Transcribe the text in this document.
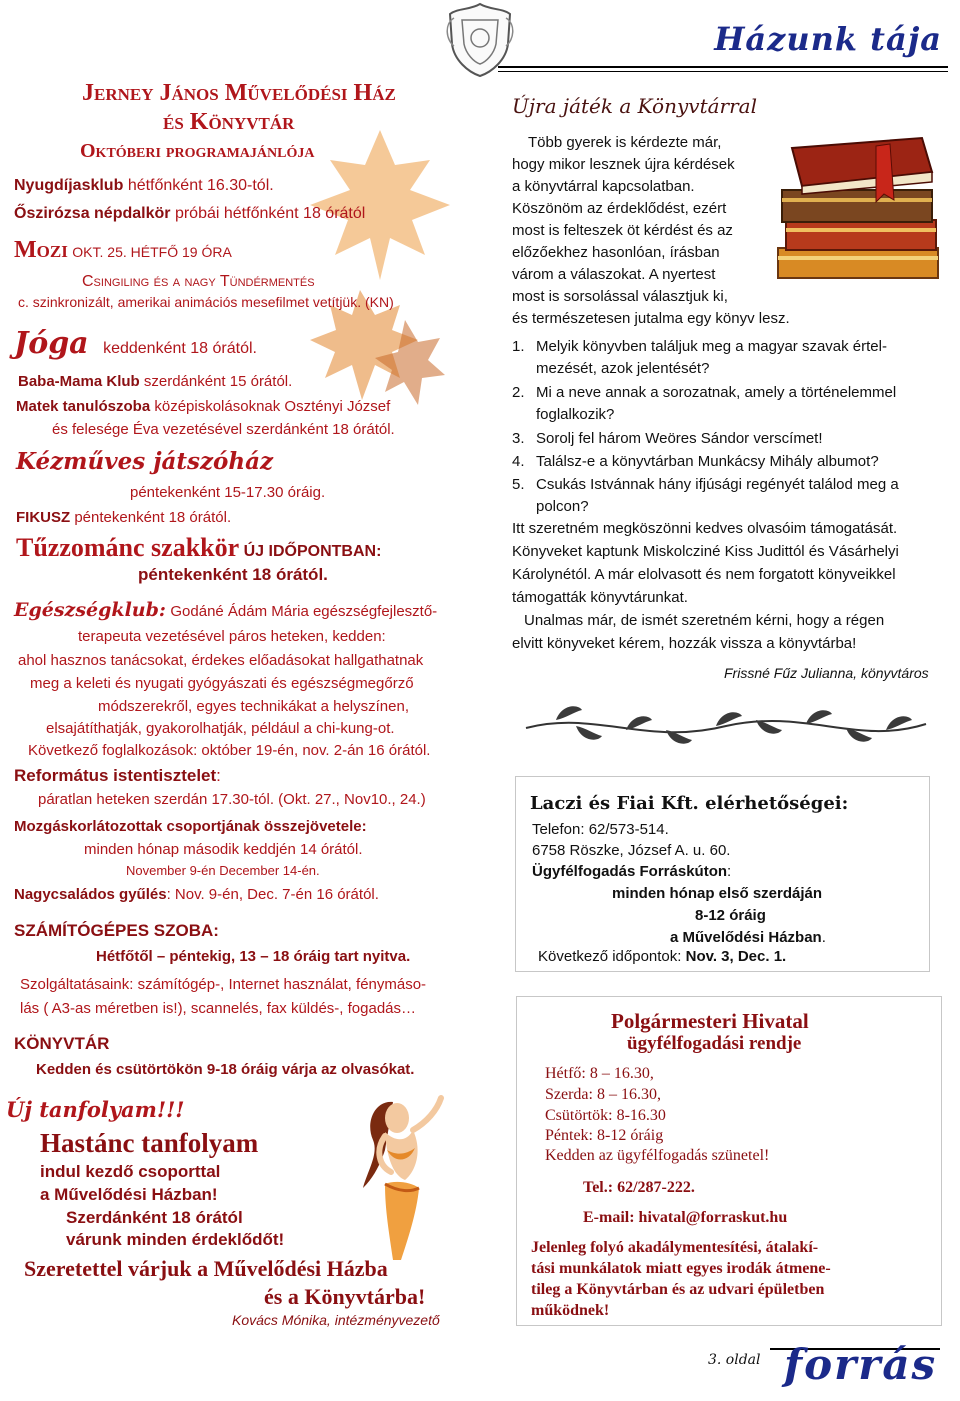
Házunk tája
Jerney János Művelődési Ház
és Könyvtár
Októberi programajánlója
Nyugdíjasklub hétfőnként 16.30-tól.
Őszirózsa népdalkör próbái hétfőnként 18 órától
Mozi OKT. 25. HÉTFŐ 19 ÓRA
Csingiling és a nagy Tündérmentés
c. szinkronizált, amerikai animációs mesefilmet vetítjük. (KN)
Jóga keddenként 18 órától.
Baba-Mama Klub szerdánként 15 órától.
Matek tanulószoba középiskolásoknak Osztényi József
és felesége Éva vezetésével szerdánként 18 órától.
Kézműves játszóház
péntekenként 15-17.30 óráig.
FIKUSZ péntekenként 18 órától.
Tűzzománc szakkör ÚJ IDŐPONTBAN:
péntekenként 18 órától.
Egészségklub: Godáné Ádám Mária egészségfejlesztő-
terapeuta vezetésével páros heteken, kedden:
ahol hasznos tanácsokat, érdekes előadásokat hallgathatnak
meg a keleti és nyugati gyógyászati és egészségmegőrző
módszerekről, egyes technikákat a helyszínen,
elsajátíthatják, gyakorolhatják, például a chi-kung-ot.
Következő foglalkozások: október 19-én, nov. 2-án 16 órától.
Református istentisztelet:
páratlan heteken szerdán 17.30-tól. (Okt. 27., Nov10., 24.)
Mozgáskorlátozottak csoportjának összejövetele:
minden hónap második keddjén 14 órától.
November 9-én December 14-én.
Nagycsaládos gyűlés: Nov. 9-én, Dec. 7-én 16 órától.
SZÁMÍTÓGÉPES SZOBA:
Hétfőtől – péntekig, 13 – 18 óráig tart nyitva.
Szolgáltatásaink: számítógép-, Internet használat, fénymáso-
lás ( A3-as méretben is!), scannelés, fax küldés-, fogadás…
KÖNYVTÁR
Kedden és csütörtökön 9-18 óráig várja az olvasókat.
Új tanfolyam!!!
Hastánc tanfolyam
indul kezdő csoporttal
a Művelődési Házban!
Szerdánként 18 órától
várunk minden érdeklődőt!
Szeretettel várjuk a Művelődési Házba
és a Könyvtárba!
Kovács Mónika, intézményvezető
Újra játék a Könyvtárral
Több gyerek is kérdezte már,
hogy mikor lesznek újra kérdések
a könyvtárral kapcsolatban.
Köszönöm az érdeklődést, ezért
most is felteszek öt kérdést és az
előzőekhez hasonlóan, írásban
várom a válaszokat. A nyertest
most is sorsolással választjuk ki,
és természetesen jutalma egy könyv lesz.
1. Melyik könyvben találjuk meg a magyar szavak értel-
mezését, azok jelentését?
2. Mi a neve annak a sorozatnak, amely a történelemmel
foglalkozik?
3. Sorolj fel három Weöres Sándor verscímet!
4. Találsz-e a könyvtárban Munkácsy Mihály albumot?
5. Csukás Istvánnak hány ifjúsági regényét találod meg a
polcon?
Itt szeretném megköszönni kedves olvasóim támogatását.
Könyveket kaptunk Miskolcziné Kiss Judittól és Vásárhelyi
Károlynétól. A már elolvasott és nem forgatott könyveikkel
támogatták könyvtárunkat.
Unalmas már, de ismét szeretném kérni, hogy a régen
elvitt könyveket kérem, hozzák vissza a könyvtárba!
Frissné Fűz Julianna, könyvtáros
Laczi és Fiai Kft. elérhetőségei:
Telefon: 62/573-514.
6758 Röszke, József A. u. 60.
Ügyfélfogadás Forráskúton:
minden hónap első szerdáján
8-12 óráig
a Művelődési Házban.
Következő időpontok: Nov. 3, Dec. 1.
Polgármesteri Hivatal
ügyfélfogadási rendje
Hétfő: 8 – 16.30,
Szerda: 8 – 16.30,
Csütörtök: 8-16.30
Péntek: 8-12 óráig
Kedden az ügyfélfogadás szünetel!
Tel.: 62/287-222.
E-mail: hivatal@forraskut.hu
Jelenleg folyó akadálymentesítési, átalakí-
tási munkálatok miatt egyes irodák átmene-
tileg a Könyvtárban és az udvari épületben
működnek!
3. oldal forrás
